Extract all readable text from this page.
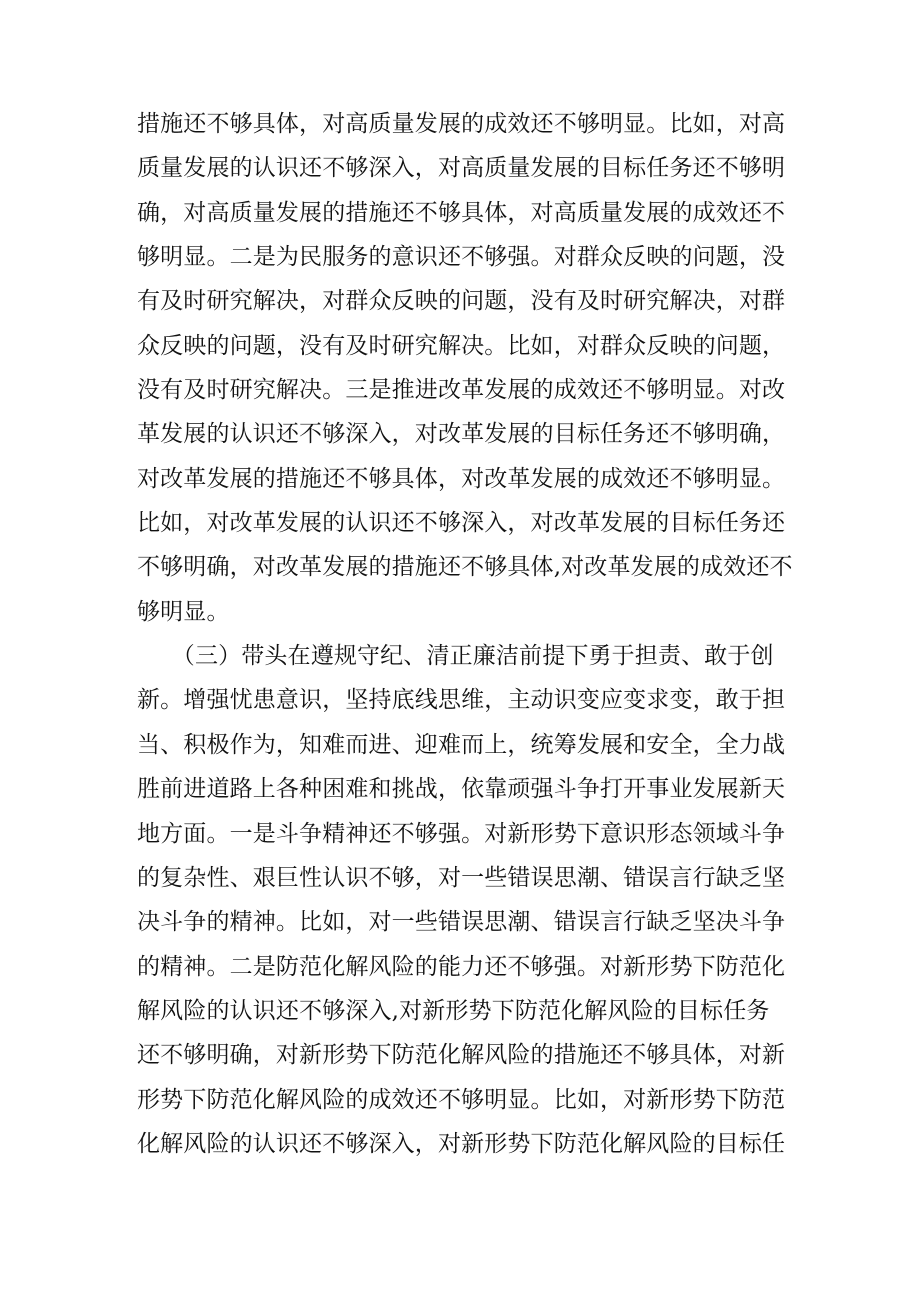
措施还不够具体，对高质量发展的成效还不够明显。比如，对高
质量发展的认识还不够深入，对高质量发展的目标任务还不够明
确，对高质量发展的措施还不够具体，对高质量发展的成效还不
够明显。二是为民服务的意识还不够强。对群众反映的问题，没
有及时研究解决，对群众反映的问题，没有及时研究解决，对群
众反映的问题，没有及时研究解决。比如，对群众反映的问题，
没有及时研究解决。三是推进改革发展的成效还不够明显。对改
革发展的认识还不够深入，对改革发展的目标任务还不够明确，
对改革发展的措施还不够具体，对改革发展的成效还不够明显。
比如，对改革发展的认识还不够深入，对改革发展的目标任务还
不够明确，对改革发展的措施还不够具体,对改革发展的成效还不
够明显。
　　（三）带头在遵规守纪、清正廉洁前提下勇于担责、敢于创
新。增强忧患意识，坚持底线思维，主动识变应变求变，敢于担
当、积极作为，知难而进、迎难而上，统筹发展和安全，全力战
胜前进道路上各种困难和挑战，依靠顽强斗争打开事业发展新天
地方面。一是斗争精神还不够强。对新形势下意识形态领域斗争
的复杂性、艰巨性认识不够，对一些错误思潮、错误言行缺乏坚
决斗争的精神。比如，对一些错误思潮、错误言行缺乏坚决斗争
的精神。二是防范化解风险的能力还不够强。对新形势下防范化
解风险的认识还不够深入,对新形势下防范化解风险的目标任务
还不够明确，对新形势下防范化解风险的措施还不够具体，对新
形势下防范化解风险的成效还不够明显。比如，对新形势下防范
化解风险的认识还不够深入，对新形势下防范化解风险的目标任
